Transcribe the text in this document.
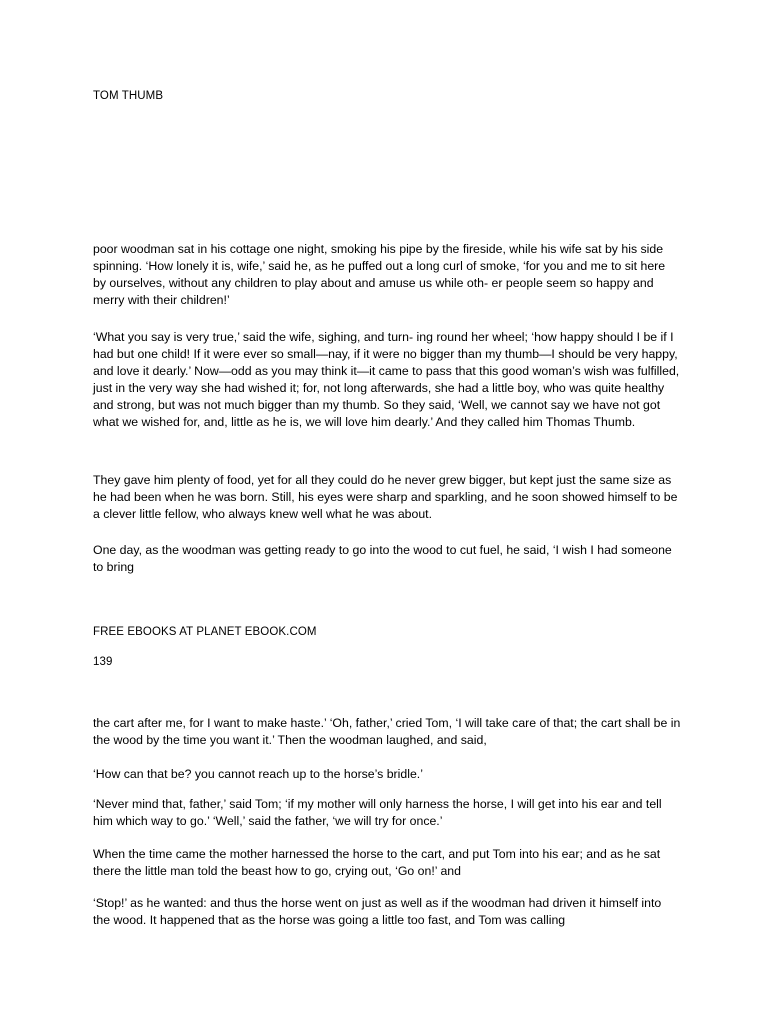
TOM THUMB

poor woodman sat in his cottage one night, smoking his pipe by the fireside, while his wife sat by his side spinning. ‘How lonely it is, wife,’ said he, as he puffed out a long curl of smoke, ‘for you and me to sit here by ourselves, without any children to play about and amuse us while oth- er people seem so happy and merry with their children!’

‘What you say is very true,’ said the wife, sighing, and turn- ing round her wheel; ‘how happy should I be if I had but one child! If it were ever so small—nay, if it were no bigger than my thumb—I should be very happy, and love it dearly.’ Now—odd as you may think it—it came to pass that this good woman’s wish was fulfilled, just in the very way she had wished it; for, not long afterwards, she had a little boy, who was quite healthy and strong, but was not much bigger than my thumb. So they said, ‘Well, we cannot say we have not got what we wished for, and, little as he is, we will love him dearly.’ And they called him Thomas Thumb.

They gave him plenty of food, yet for all they could do he never grew bigger, but kept just the same size as he had been when he was born. Still, his eyes were sharp and sparkling, and he soon showed himself to be a clever little fellow, who always knew well what he was about.

One day, as the woodman was getting ready to go into the wood to cut fuel, he said, ‘I wish I had someone to bring

FREE EBOOKS AT PLANET EBOOK.COM

139

the cart after me, for I want to make haste.’ ‘Oh, father,’ cried Tom, ‘I will take care of that; the cart shall be in the wood by the time you want it.’ Then the woodman laughed, and said,

‘How can that be? you cannot reach up to the horse’s bridle.’

‘Never mind that, father,’ said Tom; ‘if my mother will only harness the horse, I will get into his ear and tell him which way to go.’ ‘Well,’ said the father, ‘we will try for once.’

When the time came the mother harnessed the horse to the cart, and put Tom into his ear; and as he sat there the little man told the beast how to go, crying out, ‘Go on!’ and

‘Stop!’ as he wanted: and thus the horse went on just as well as if the woodman had driven it himself into the wood. It happened that as the horse was going a little too fast, and Tom was calling
